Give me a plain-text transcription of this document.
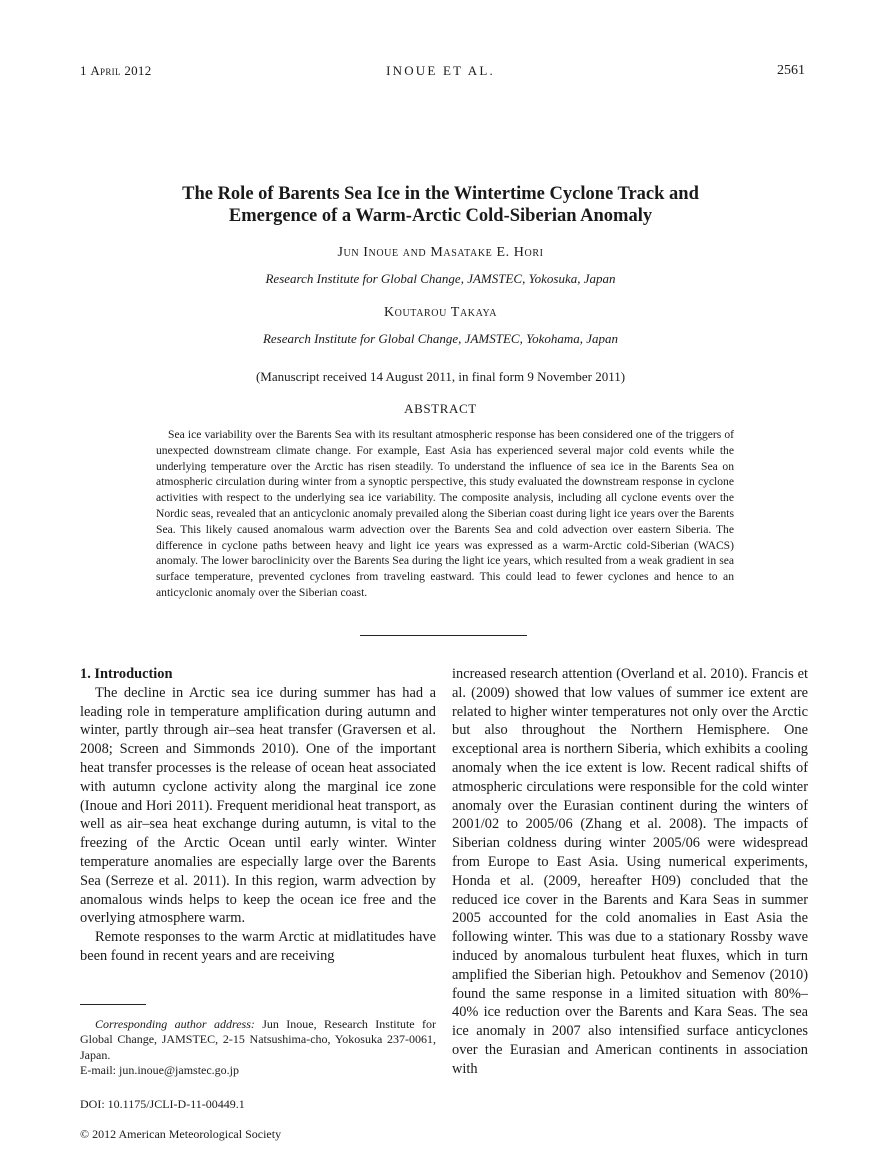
1 April 2012	INOUE ET AL.	2561
The Role of Barents Sea Ice in the Wintertime Cyclone Track and
Emergence of a Warm-Arctic Cold-Siberian Anomaly
Jun Inoue and Masatake E. Hori
Research Institute for Global Change, JAMSTEC, Yokosuka, Japan
Koutarou Takaya
Research Institute for Global Change, JAMSTEC, Yokohama, Japan
(Manuscript received 14 August 2011, in final form 9 November 2011)
ABSTRACT

Sea ice variability over the Barents Sea with its resultant atmospheric response has been considered one of the triggers of unexpected downstream climate change. For example, East Asia has experienced several major cold events while the underlying temperature over the Arctic has risen steadily. To understand the influence of sea ice in the Barents Sea on atmospheric circulation during winter from a synoptic perspective, this study evaluated the downstream response in cyclone activities with respect to the underlying sea ice variability. The composite analysis, including all cyclone events over the Nordic seas, revealed that an anticyclonic anomaly prevailed along the Siberian coast during light ice years over the Barents Sea. This likely caused anomalous warm advection over the Barents Sea and cold advection over eastern Siberia. The difference in cyclone paths between heavy and light ice years was expressed as a warm-Arctic cold-Siberian (WACS) anomaly. The lower baroclinicity over the Barents Sea during the light ice years, which resulted from a weak gradient in sea surface temperature, prevented cyclones from traveling eastward. This could lead to fewer cyclones and hence to an anticyclonic anomaly over the Siberian coast.

1. Introduction

The decline in Arctic sea ice during summer has had a leading role in temperature amplification during autumn and winter, partly through air–sea heat transfer (Graversen et al. 2008; Screen and Simmonds 2010). One of the important heat transfer processes is the release of ocean heat associated with autumn cyclone activity along the marginal ice zone (Inoue and Hori 2011). Frequent meridional heat transport, as well as air–sea heat exchange during autumn, is vital to the freezing of the Arctic Ocean until early winter. Winter temperature anomalies are especially large over the Barents Sea (Serreze et al. 2011). In this region, warm advection by anomalous winds helps to keep the ocean ice free and the overlying atmosphere warm.

Remote responses to the warm Arctic at midlatitudes have been found in recent years and are receiving

increased research attention (Overland et al. 2010). Francis et al. (2009) showed that low values of summer ice extent are related to higher winter temperatures not only over the Arctic but also throughout the Northern Hemisphere. One exceptional area is northern Siberia, which exhibits a cooling anomaly when the ice extent is low. Recent radical shifts of atmospheric circulations were responsible for the cold winter anomaly over the Eurasian continent during the winters of 2001/02 to 2005/06 (Zhang et al. 2008). The impacts of Siberian coldness during winter 2005/06 were widespread from Europe to East Asia. Using numerical experiments, Honda et al. (2009, hereafter H09) concluded that the reduced ice cover in the Barents and Kara Seas in summer 2005 accounted for the cold anomalies in East Asia the following winter. This was due to a stationary Rossby wave induced by anomalous turbulent heat fluxes, which in turn amplified the Siberian high. Petoukhov and Semenov (2010) found the same response in a limited situation with 80%–40% ice reduction over the Barents and Kara Seas. The sea ice anomaly in 2007 also intensified surface anticyclones over the Eurasian and American continents in association with

Corresponding author address: Jun Inoue, Research Institute for Global Change, JAMSTEC, 2-15 Natsushima-cho, Yokosuka 237-0061, Japan.

E-mail: jun.inoue@jamstec.go.jp

DOI: 10.1175/JCLI-D-11-00449.1
© 2012 American Meteorological Society
